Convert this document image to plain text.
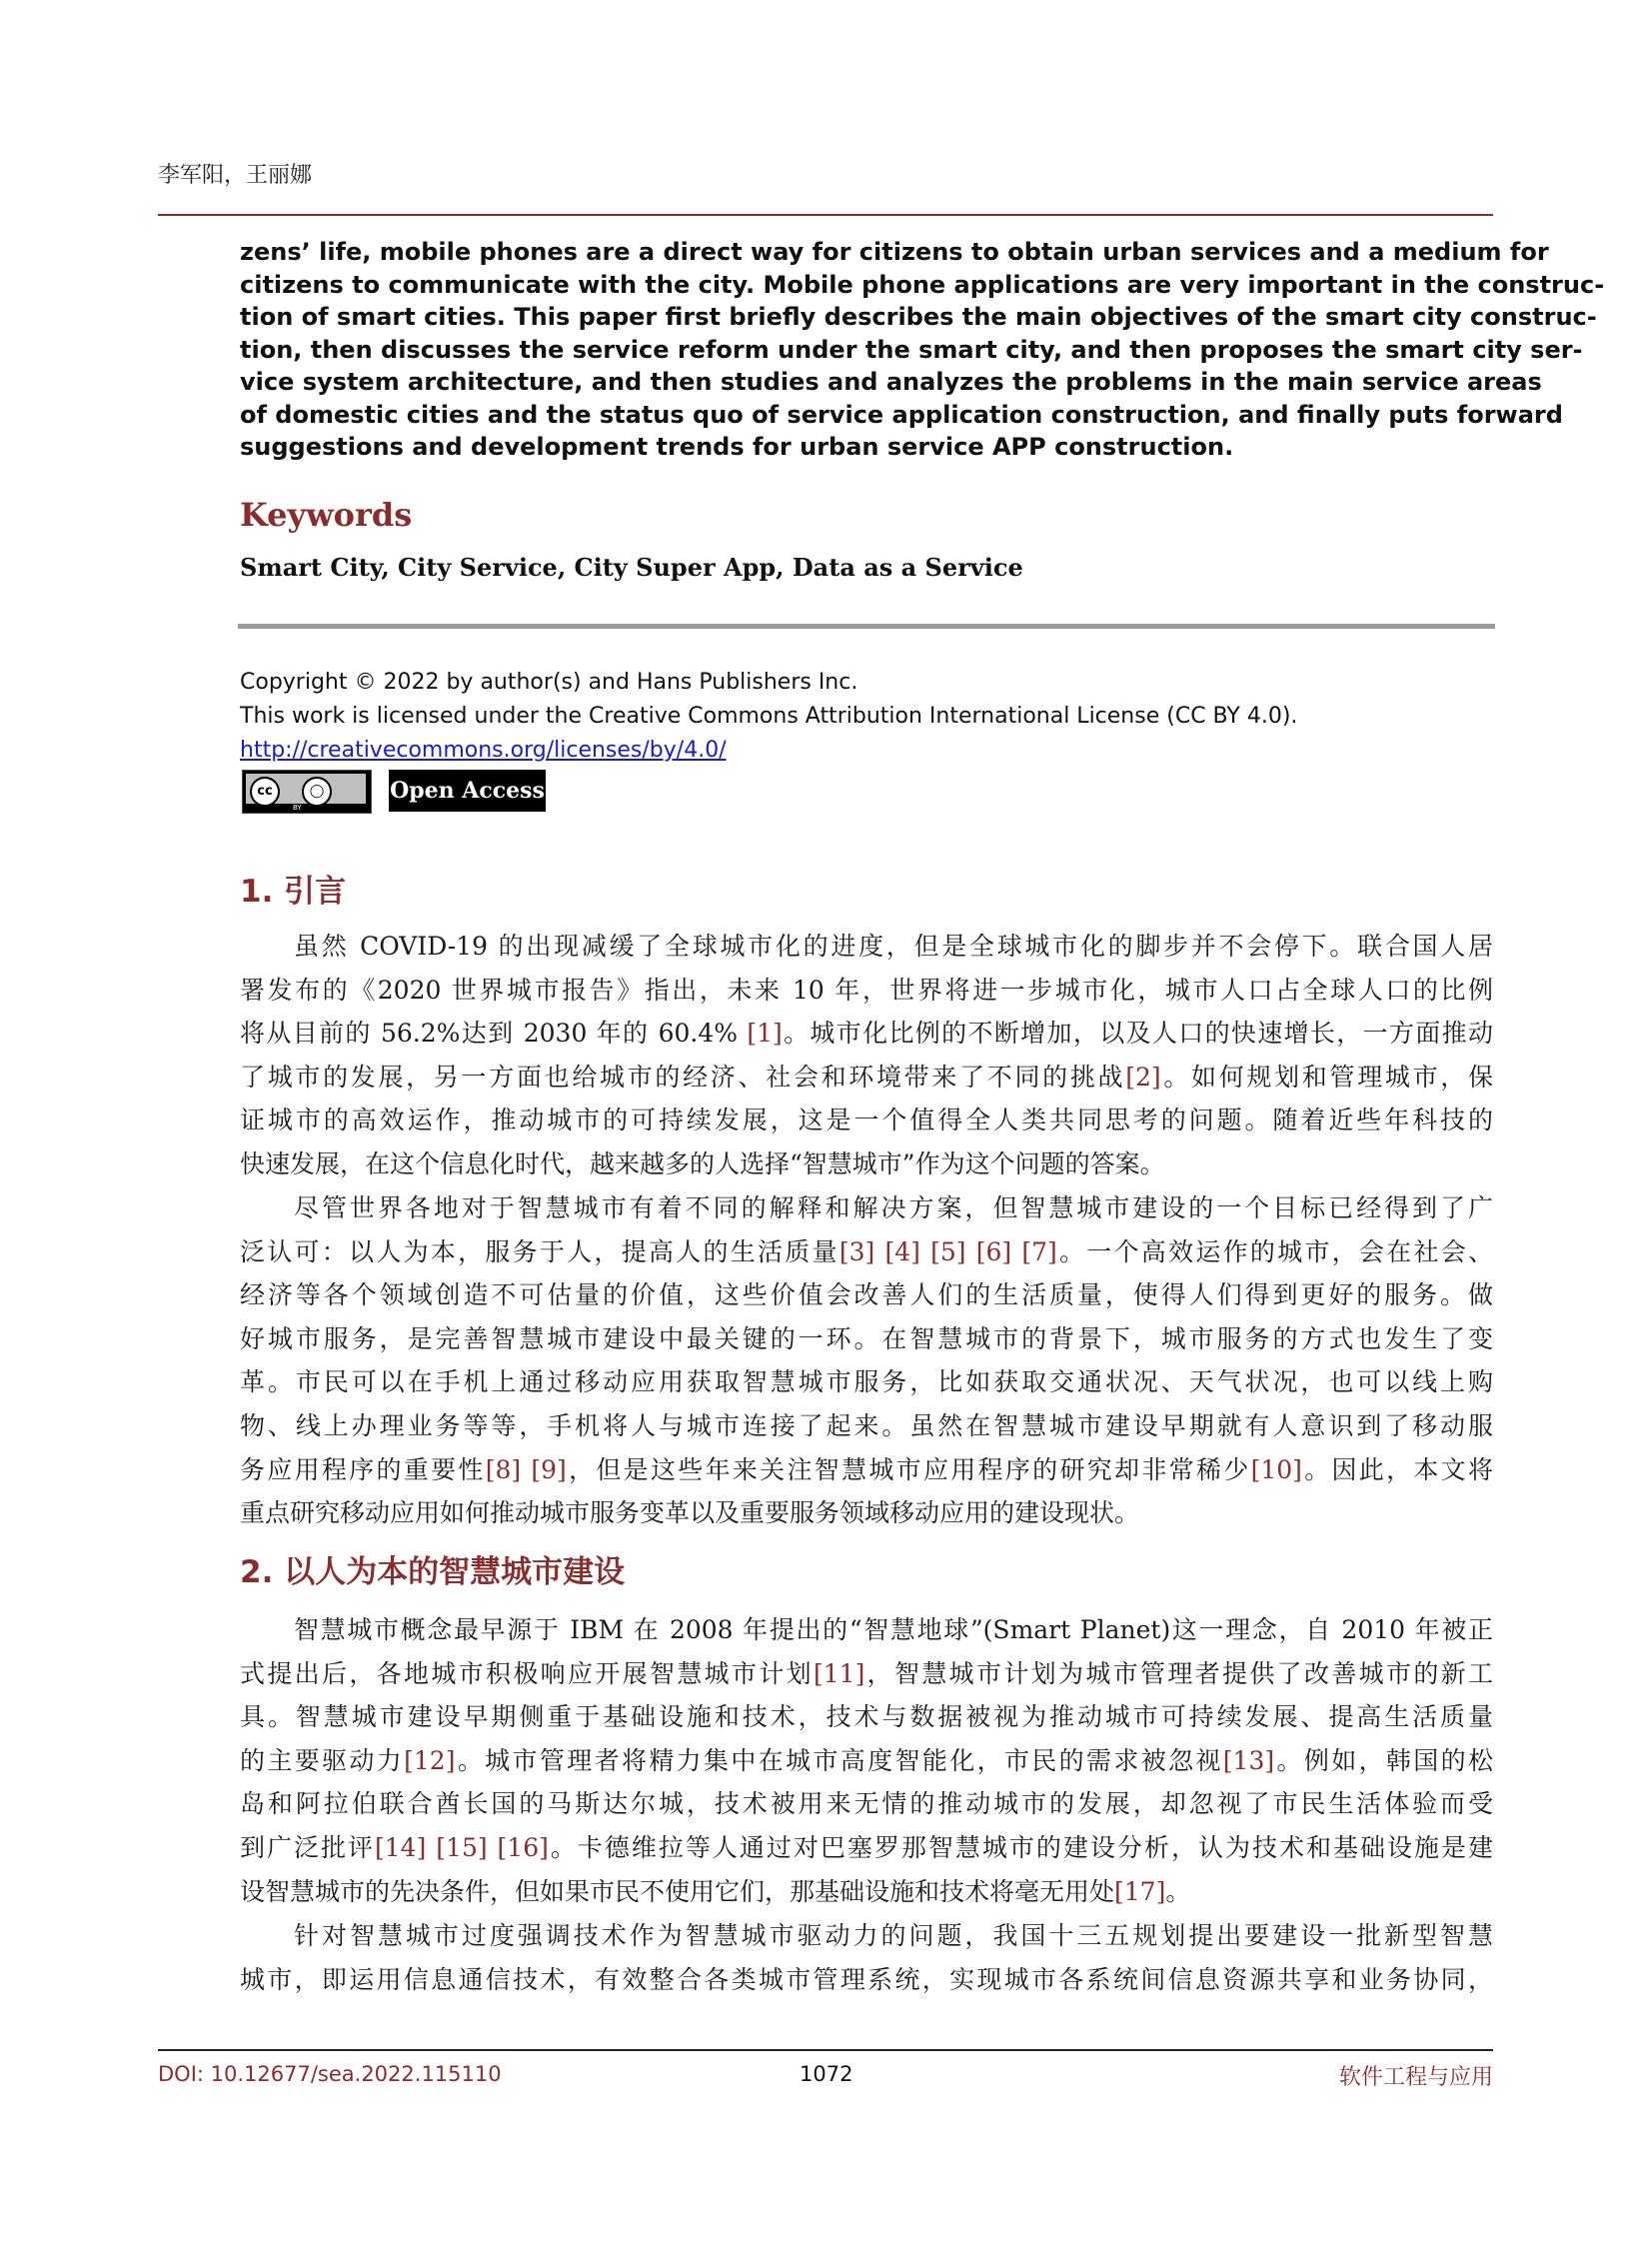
李军阳，王丽娜
zens’ life, mobile phones are a direct way for citizens to obtain urban services and a medium for
citizens to communicate with the city. Mobile phone applications are very important in the construc-
tion of smart cities. This paper first briefly describes the main objectives of the smart city construc-
tion, then discusses the service reform under the smart city, and then proposes the smart city ser-
vice system architecture, and then studies and analyzes the problems in the main service areas
of domestic cities and the status quo of service application construction, and finally puts forward
suggestions and development trends for urban service APP construction.
Keywords
Smart City, City Service, City Super App, Data as a Service
Copyright © 2022 by author(s) and Hans Publishers Inc.
This work is licensed under the Creative Commons Attribution International License (CC BY 4.0).
http://creativecommons.org/licenses/by/4.0/
cc	◯
BY
Open Access
1. 引言
虽然 COVID-19 的出现减缓了全球城市化的进度，但是全球城市化的脚步并不会停下。联合国人居
署发布的《2020 世界城市报告》指出，未来 10 年，世界将进一步城市化，城市人口占全球人口的比例
将从目前的 56.2%达到 2030 年的 60.4% [1]。城市化比例的不断增加，以及人口的快速增长，一方面推动
了城市的发展，另一方面也给城市的经济、社会和环境带来了不同的挑战[2]。如何规划和管理城市，保
证城市的高效运作，推动城市的可持续发展，这是一个值得全人类共同思考的问题。随着近些年科技的
快速发展，在这个信息化时代，越来越多的人选择“智慧城市”作为这个问题的答案。
尽管世界各地对于智慧城市有着不同的解释和解决方案，但智慧城市建设的一个目标已经得到了广
泛认可：以人为本，服务于人，提高人的生活质量[3] [4] [5] [6] [7]。一个高效运作的城市，会在社会、
经济等各个领域创造不可估量的价值，这些价值会改善人们的生活质量，使得人们得到更好的服务。做
好城市服务，是完善智慧城市建设中最关键的一环。在智慧城市的背景下，城市服务的方式也发生了变
革。市民可以在手机上通过移动应用获取智慧城市服务，比如获取交通状况、天气状况，也可以线上购
物、线上办理业务等等，手机将人与城市连接了起来。虽然在智慧城市建设早期就有人意识到了移动服
务应用程序的重要性[8] [9]，但是这些年来关注智慧城市应用程序的研究却非常稀少[10]。因此，本文将
重点研究移动应用如何推动城市服务变革以及重要服务领域移动应用的建设现状。
2. 以人为本的智慧城市建设
智慧城市概念最早源于 IBM 在 2008 年提出的“智慧地球”(Smart Planet)这一理念，自 2010 年被正
式提出后，各地城市积极响应开展智慧城市计划[11]，智慧城市计划为城市管理者提供了改善城市的新工
具。智慧城市建设早期侧重于基础设施和技术，技术与数据被视为推动城市可持续发展、提高生活质量
的主要驱动力[12]。城市管理者将精力集中在城市高度智能化，市民的需求被忽视[13]。例如，韩国的松
岛和阿拉伯联合酋长国的马斯达尔城，技术被用来无情的推动城市的发展，却忽视了市民生活体验而受
到广泛批评[14] [15] [16]。卡德维拉等人通过对巴塞罗那智慧城市的建设分析，认为技术和基础设施是建
设智慧城市的先决条件，但如果市民不使用它们，那基础设施和技术将毫无用处[17]。
针对智慧城市过度强调技术作为智慧城市驱动力的问题，我国十三五规划提出要建设一批新型智慧
城市，即运用信息通信技术，有效整合各类城市管理系统，实现城市各系统间信息资源共享和业务协同，
DOI: 10.12677/sea.2022.115110	1072	软件工程与应用
